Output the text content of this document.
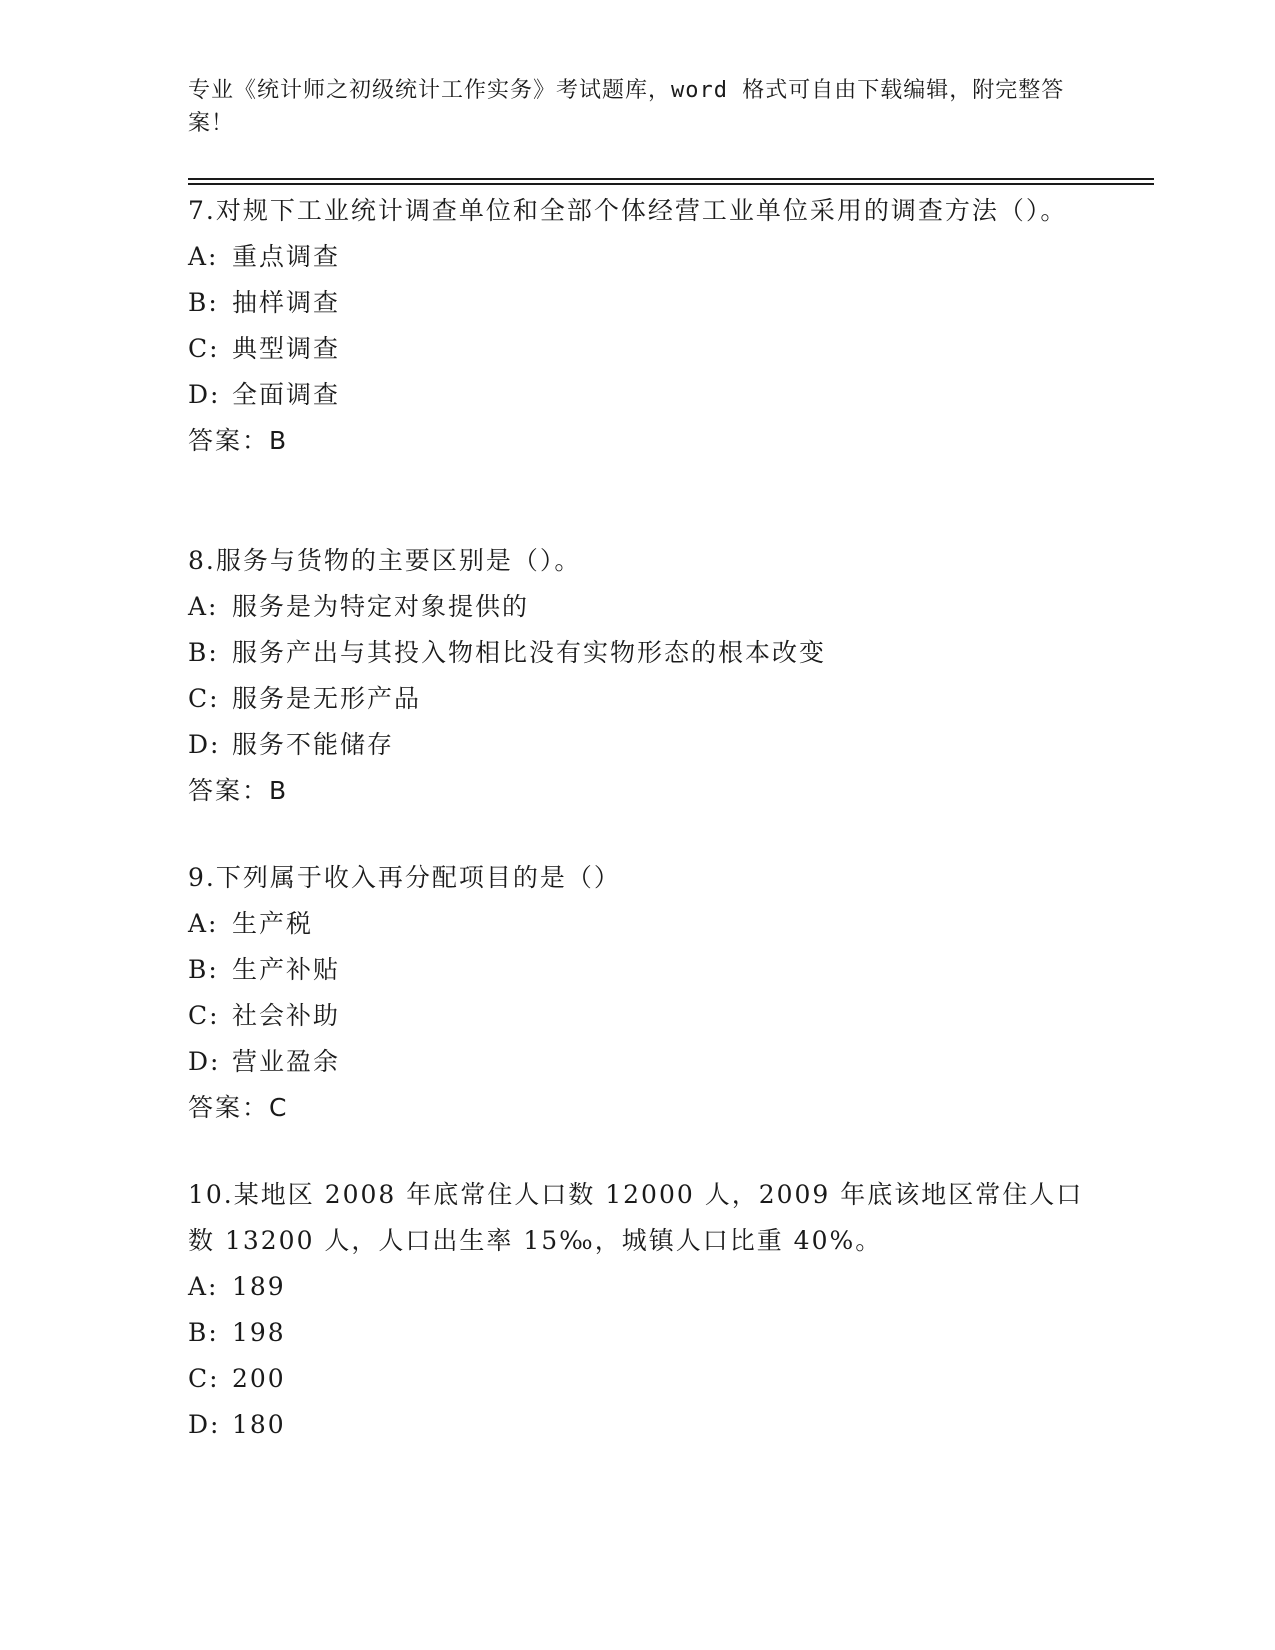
专业《统计师之初级统计工作实务》考试题库，word 格式可自由下载编辑，附完整答案！

7.对规下工业统计调查单位和全部个体经营工业单位采用的调查方法（）。

A: 重点调查
B: 抽样调查
C: 典型调查
D: 全面调查
答案：B

8.服务与货物的主要区别是（）。

A: 服务是为特定对象提供的
B: 服务产出与其投入物相比没有实物形态的根本改变
C: 服务是无形产品
D: 服务不能储存
答案：B

9.下列属于收入再分配项目的是（）

A: 生产税
B: 生产补贴
C: 社会补助
D: 营业盈余
答案：C

10.某地区 2008 年底常住人口数 12000 人，2009 年底该地区常住人口数 13200 人，人口出生率 15‰，城镇人口比重 40%。

A: 189
B: 198
C: 200
D: 180
